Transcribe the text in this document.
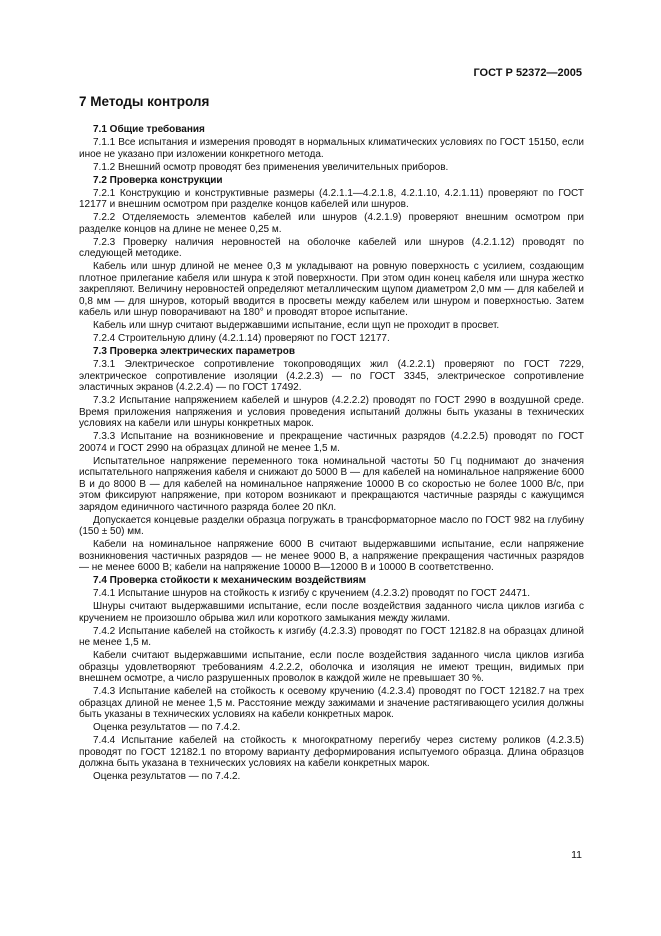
ГОСТ Р 52372—2005
7 Методы контроля
7.1 Общие требования
7.1.1 Все испытания и измерения проводят в нормальных климатических условиях по ГОСТ 15150, если иное не указано при изложении конкретного метода.
7.1.2 Внешний осмотр проводят без применения увеличительных приборов.
7.2 Проверка конструкции
7.2.1 Конструкцию и конструктивные размеры (4.2.1.1—4.2.1.8, 4.2.1.10, 4.2.1.11) проверяют по ГОСТ 12177 и внешним осмотром при разделке концов кабелей или шнуров.
7.2.2 Отделяемость элементов кабелей или шнуров (4.2.1.9) проверяют внешним осмотром при разделке концов на длине не менее 0,25 м.
7.2.3 Проверку наличия неровностей на оболочке кабелей или шнуров (4.2.1.12) проводят по следующей методике.
Кабель или шнур длиной не менее 0,3 м укладывают на ровную поверхность с усилием, создающим плотное прилегание кабеля или шнура к этой поверхности. При этом один конец кабеля или шнура жестко закрепляют. Величину неровностей определяют металлическим щупом диаметром 2,0 мм — для кабелей и 0,8 мм — для шнуров, который вводится в просветы между кабелем или шнуром и поверхностью. Затем кабель или шнур поворачивают на 180° и проводят второе испытание.
Кабель или шнур считают выдержавшими испытание, если щуп не проходит в просвет.
7.2.4 Строительную длину (4.2.1.14) проверяют по ГОСТ 12177.
7.3 Проверка электрических параметров
7.3.1 Электрическое сопротивление токопроводящих жил (4.2.2.1) проверяют по ГОСТ 7229, электрическое сопротивление изоляции (4.2.2.3) — по ГОСТ 3345, электрическое сопротивление эластичных экранов (4.2.2.4) — по ГОСТ 17492.
7.3.2 Испытание напряжением кабелей и шнуров (4.2.2.2) проводят по ГОСТ 2990 в воздушной среде. Время приложения напряжения и условия проведения испытаний должны быть указаны в технических условиях на кабели или шнуры конкретных марок.
7.3.3 Испытание на возникновение и прекращение частичных разрядов (4.2.2.5) проводят по ГОСТ 20074 и ГОСТ 2990 на образцах длиной не менее 1,5 м.
Испытательное напряжение переменного тока номинальной частоты 50 Гц поднимают до значения испытательного напряжения кабеля и снижают до 5000 В — для кабелей на номинальное напряжение 6000 В и до 8000 В — для кабелей на номинальное напряжение 10000 В со скоростью не более 1000 В/с, при этом фиксируют напряжение, при котором возникают и прекращаются частичные разряды с кажущимся зарядом единичного частичного разряда более 20 пКл.
Допускается концевые разделки образца погружать в трансформаторное масло по ГОСТ 982 на глубину (150 ± 50) мм.
Кабели на номинальное напряжение 6000 В считают выдержавшими испытание, если напряжение возникновения частичных разрядов — не менее 9000 В, а напряжение прекращения частичных разрядов — не менее 6000 В; кабели на напряжение 10000 В—12000 В и 10000 В соответственно.
7.4 Проверка стойкости к механическим воздействиям
7.4.1 Испытание шнуров на стойкость к изгибу с кручением (4.2.3.2) проводят по ГОСТ 24471.
Шнуры считают выдержавшими испытание, если после воздействия заданного числа циклов изгиба с кручением не произошло обрыва жил или короткого замыкания между жилами.
7.4.2 Испытание кабелей на стойкость к изгибу (4.2.3.3) проводят по ГОСТ 12182.8 на образцах длиной не менее 1,5 м.
Кабели считают выдержавшими испытание, если после воздействия заданного числа циклов изгиба образцы удовлетворяют требованиям 4.2.2.2, оболочка и изоляция не имеют трещин, видимых при внешнем осмотре, а число разрушенных проволок в каждой жиле не превышает 30 %.
7.4.3 Испытание кабелей на стойкость к осевому кручению (4.2.3.4) проводят по ГОСТ 12182.7 на трех образцах длиной не менее 1,5 м. Расстояние между зажимами и значение растягивающего усилия должны быть указаны в технических условиях на кабели конкретных марок.
Оценка результатов — по 7.4.2.
7.4.4 Испытание кабелей на стойкость к многократному перегибу через систему роликов (4.2.3.5) проводят по ГОСТ 12182.1 по второму варианту деформирования испытуемого образца. Длина образцов должна быть указана в технических условиях на кабели конкретных марок.
Оценка результатов — по 7.4.2.
11
